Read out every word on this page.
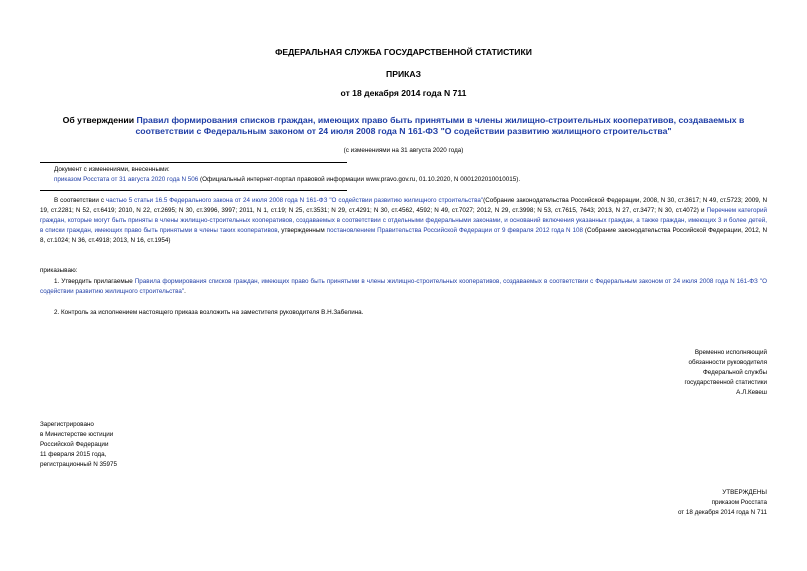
ФЕДЕРАЛЬНАЯ СЛУЖБА ГОСУДАРСТВЕННОЙ СТАТИСТИКИ
ПРИКАЗ
от 18 декабря 2014 года N 711
Об утверждении Правил формирования списков граждан, имеющих право быть принятыми в члены жилищно-строительных кооперативов, создаваемых в соответствии с Федеральным законом от 24 июля 2008 года N 161-ФЗ "О содействии развитию жилищного строительства"
(с изменениями на 31 августа 2020 года)
Документ с изменениями, внесенными:
приказом Росстата от 31 августа 2020 года N 506 (Официальный интернет-портал правовой информации www.pravo.gov.ru, 01.10.2020, N 0001202010010015).
В соответствии с частью 5 статьи 16.5 Федерального закона от 24 июля 2008 года N 161-ФЗ "О содействии развитию жилищного строительства"(Собрание законодательства Российской Федерации, 2008, N 30, ст.3617; N 49, ст.5723; 2009, N 19, ст.2281; N 52, ст.6419; 2010, N 22, ст.2695; N 30, ст.3996, 3997; 2011, N 1, ст.19; N 25, ст.3531; N 29, ст.4291; N 30, ст.4562, 4592; N 49, ст.7027; 2012, N 29, ст.3998; N 53, ст.7615, 7643; 2013, N 27, ст.3477; N 30, ст.4072) и Перечнем категорий граждан, которые могут быть приняты в члены жилищно-строительных кооперативов, создаваемых в соответствии с отдельными федеральными законами, и оснований включения указанных граждан, а также граждан, имеющих 3 и более детей, в списки граждан, имеющих право быть принятыми в члены таких кооперативов, утвержденным постановлением Правительства Российской Федерации от 9 февраля 2012 года N 108 (Собрание законодательства Российской Федерации, 2012, N 8, ст.1024; N 36, ст.4918; 2013, N 16, ст.1954)
приказываю:
1. Утвердить прилагаемые Правила формирования списков граждан, имеющих право быть принятыми в члены жилищно-строительных кооперативов, создаваемых в соответствии с Федеральным законом от 24 июля 2008 года N 161-ФЗ "О содействии развитию жилищного строительства".
2. Контроль за исполнением настоящего приказа возложить на заместителя руководителя В.Н.Забелина.
Временно исполняющий
обязанности руководителя
Федеральной службы
государственной статистики
А.Л.Кевеш
Зарегистрировано
в Министерстве юстиции
Российской Федерации
11 февраля 2015 года,
регистрационный N 35975
УТВЕРЖДЕНЫ
приказом Росстата
от 18 декабря 2014 года N 711
